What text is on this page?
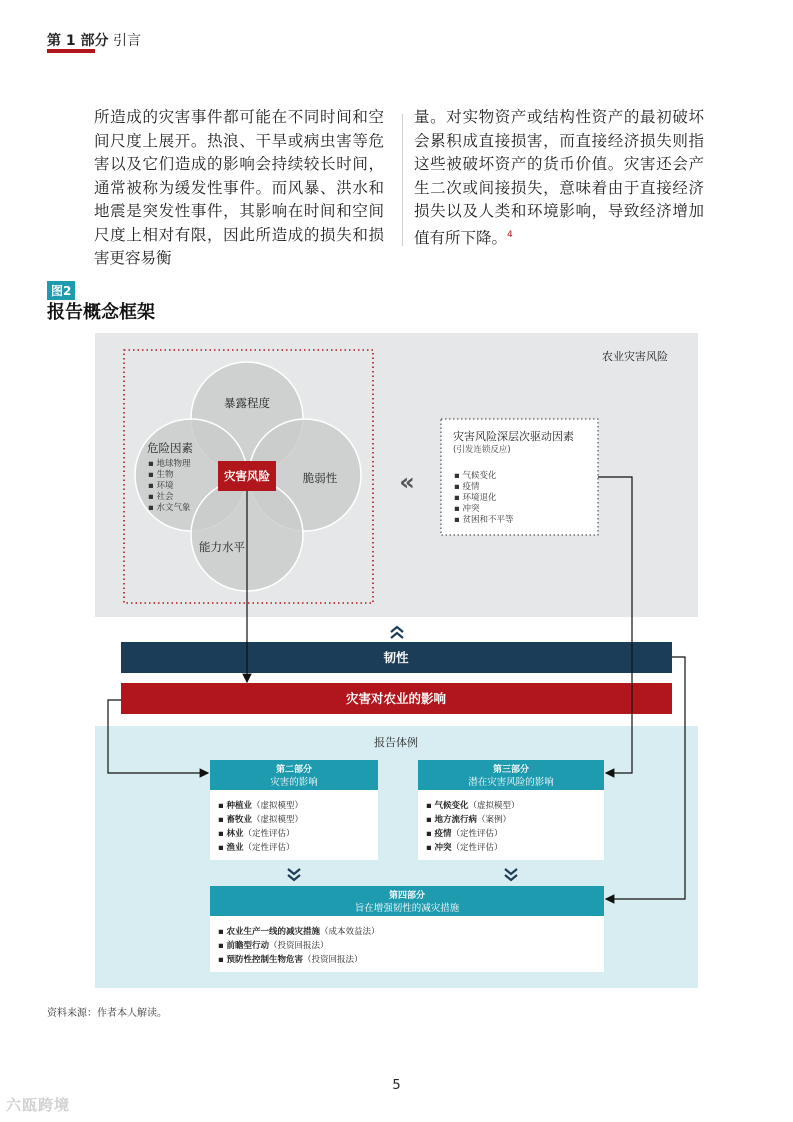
第 1 部分 引言

所造成的灾害事件都可能在不同时间和空间尺度上展开。热浪、干旱或病虫害等危害以及它们造成的影响会持续较长时间，通常被称为缓发性事件。而风暴、洪水和地震是突发性事件，其影响在时间和空间尺度上相对有限，因此所造成的损失和损害更容易衡

量。对实物资产或结构性资产的最初破坏会累积成直接损害，而直接经济损失则指这些被破坏资产的货币价值。灾害还会产生二次或间接损失，意味着由于直接经济损失以及人类和环境影响，导致经济增加值有所下降。$^4$

图2
报告概念框架
农业灾害风险
暴露程度
危险因素
▪ 地球物理
▪ 生物
▪ 环境
▪ 社会
▪ 水文气象
脆弱性
能力水平
灾害风险	«
灾害风险深层次驱动因素
(引发连锁反应)
▪ 气候变化
▪ 疫情
▪ 环境退化
▪ 冲突
▪ 贫困和不平等
韧性
灾害对农业的影响
报告体例
第二部分
灾害的影响
▪ 种植业（虚拟模型）
▪ 畜牧业（虚拟模型）
▪ 林业（定性评估）
▪ 渔业（定性评估）
第三部分
潜在灾害风险的影响
▪ 气候变化（虚拟模型）
▪ 地方流行病（案例）
▪ 疫情（定性评估）
▪ 冲突（定性评估）
第四部分
旨在增强韧性的减灾措施
▪ 农业生产一线的减灾措施（成本效益法）
▪ 前瞻型行动（投资回报法）
▪ 预防性控制生物危害（投资回报法）
资料来源：作者本人解读。
5
六瓯跨境
